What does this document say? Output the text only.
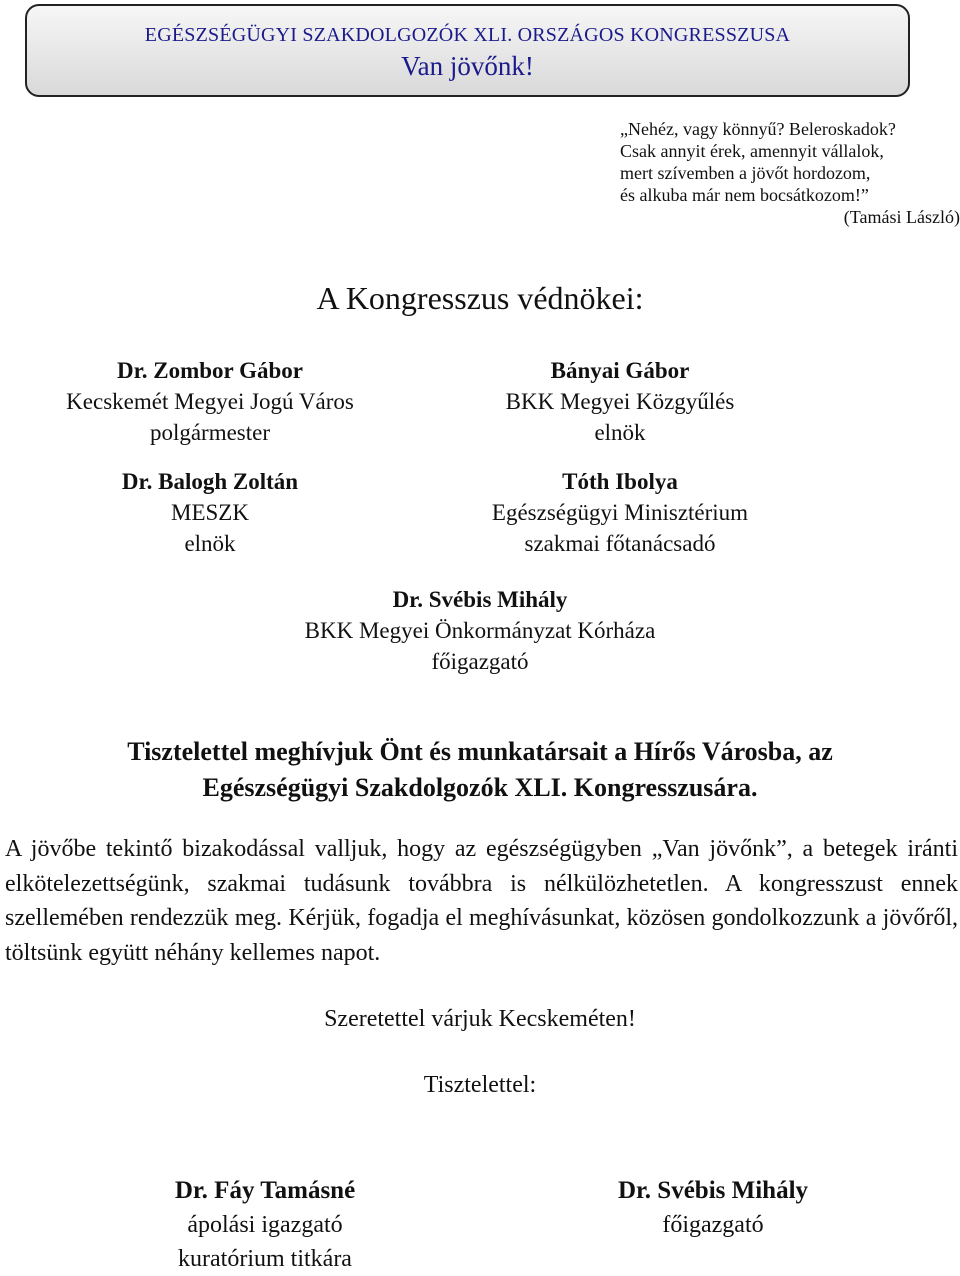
EGÉSZSÉGÜGYI SZAKDOLGOZÓK XLI. ORSZÁGOS KONGRESSZUSA
Van jövőnk!
„Nehéz, vagy könnyű? Beleroskadok?
Csak annyit érek, amennyit vállalok,
mert szívemben a jövőt hordozom,
és alkuba már nem bocsátkozom!”
(Tamási László)
A Kongresszus védnökei:
Dr. Zombor Gábor
Kecskemét Megyei Jogú Város
polgármester
Bányai Gábor
BKK Megyei Közgyűlés
elnök
Dr. Balogh Zoltán
MESZK
elnök
Tóth Ibolya
Egészségügyi Minisztérium
szakmai főtanácsadó
Dr. Svébis Mihály
BKK Megyei Önkormányzat Kórháza
főigazgató
Tisztelettel meghívjuk Önt és munkatársait a Hírős Városba, az
Egészségügyi Szakdolgozók XLI. Kongresszusára.
A jövőbe tekintő bizakodással valljuk, hogy az egészségügyben „Van jövőnk”, a betegek iránti elkötelezettségünk, szakmai tudásunk továbbra is nélkülözhetetlen. A kongresszust ennek szellemében rendezzük meg. Kérjük, fogadja el meghívásunkat, közösen gondolkozzunk a jövőről, töltsünk együtt néhány kellemes napot.
Szeretettel várjuk Kecskeméten!
Tisztelettel:
Dr. Fáy Tamásné
ápolási igazgató
kuratórium titkára
Dr. Svébis Mihály
főigazgató
